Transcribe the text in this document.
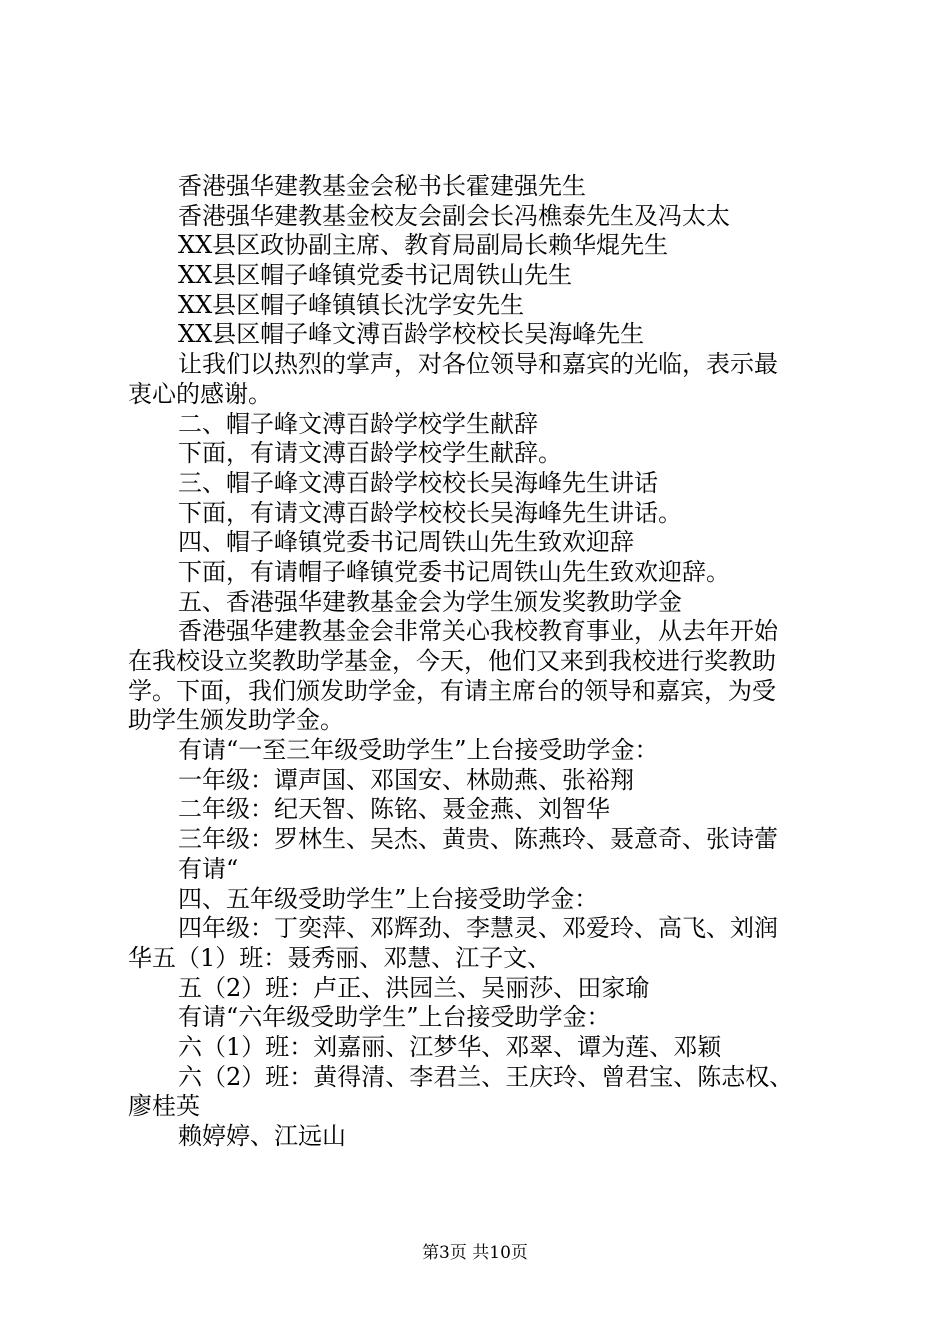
香港强华建教基金会秘书长霍建强先生
香港强华建教基金校友会副会长冯樵泰先生及冯太太
XX县区政协副主席、教育局副局长赖华焜先生
XX县区帽子峰镇党委书记周铁山先生
XX县区帽子峰镇镇长沈学安先生
XX县区帽子峰文溥百龄学校校长吴海峰先生
让我们以热烈的掌声，对各位领导和嘉宾的光临，表示最
衷心的感谢。
二、帽子峰文溥百龄学校学生献辞
下面，有请文溥百龄学校学生献辞。
三、帽子峰文溥百龄学校校长吴海峰先生讲话
下面，有请文溥百龄学校校长吴海峰先生讲话。
四、帽子峰镇党委书记周铁山先生致欢迎辞
下面，有请帽子峰镇党委书记周铁山先生致欢迎辞。
五、香港强华建教基金会为学生颁发奖教助学金
香港强华建教基金会非常关心我校教育事业，从去年开始
在我校设立奖教助学基金，今天，他们又来到我校进行奖教助
学。下面，我们颁发助学金，有请主席台的领导和嘉宾，为受
助学生颁发助学金。
有请“一至三年级受助学生”上台接受助学金：
一年级：谭声国、邓国安、林勋燕、张裕翔
二年级：纪天智、陈铭、聂金燕、刘智华
三年级：罗林生、吴杰、黄贵、陈燕玲、聂意奇、张诗蕾
有请“
四、五年级受助学生”上台接受助学金：
四年级：丁奕萍、邓辉劲、李慧灵、邓爱玲、高飞、刘润
华五（1）班：聂秀丽、邓慧、江子文、
五（2）班：卢正、洪园兰、吴丽莎、田家瑜
有请“六年级受助学生”上台接受助学金：
六（1）班：刘嘉丽、江梦华、邓翠、谭为莲、邓颖
六（2）班：黄得清、李君兰、王庆玲、曾君宝、陈志权、
廖桂英
赖婷婷、江远山
第3页 共10页
